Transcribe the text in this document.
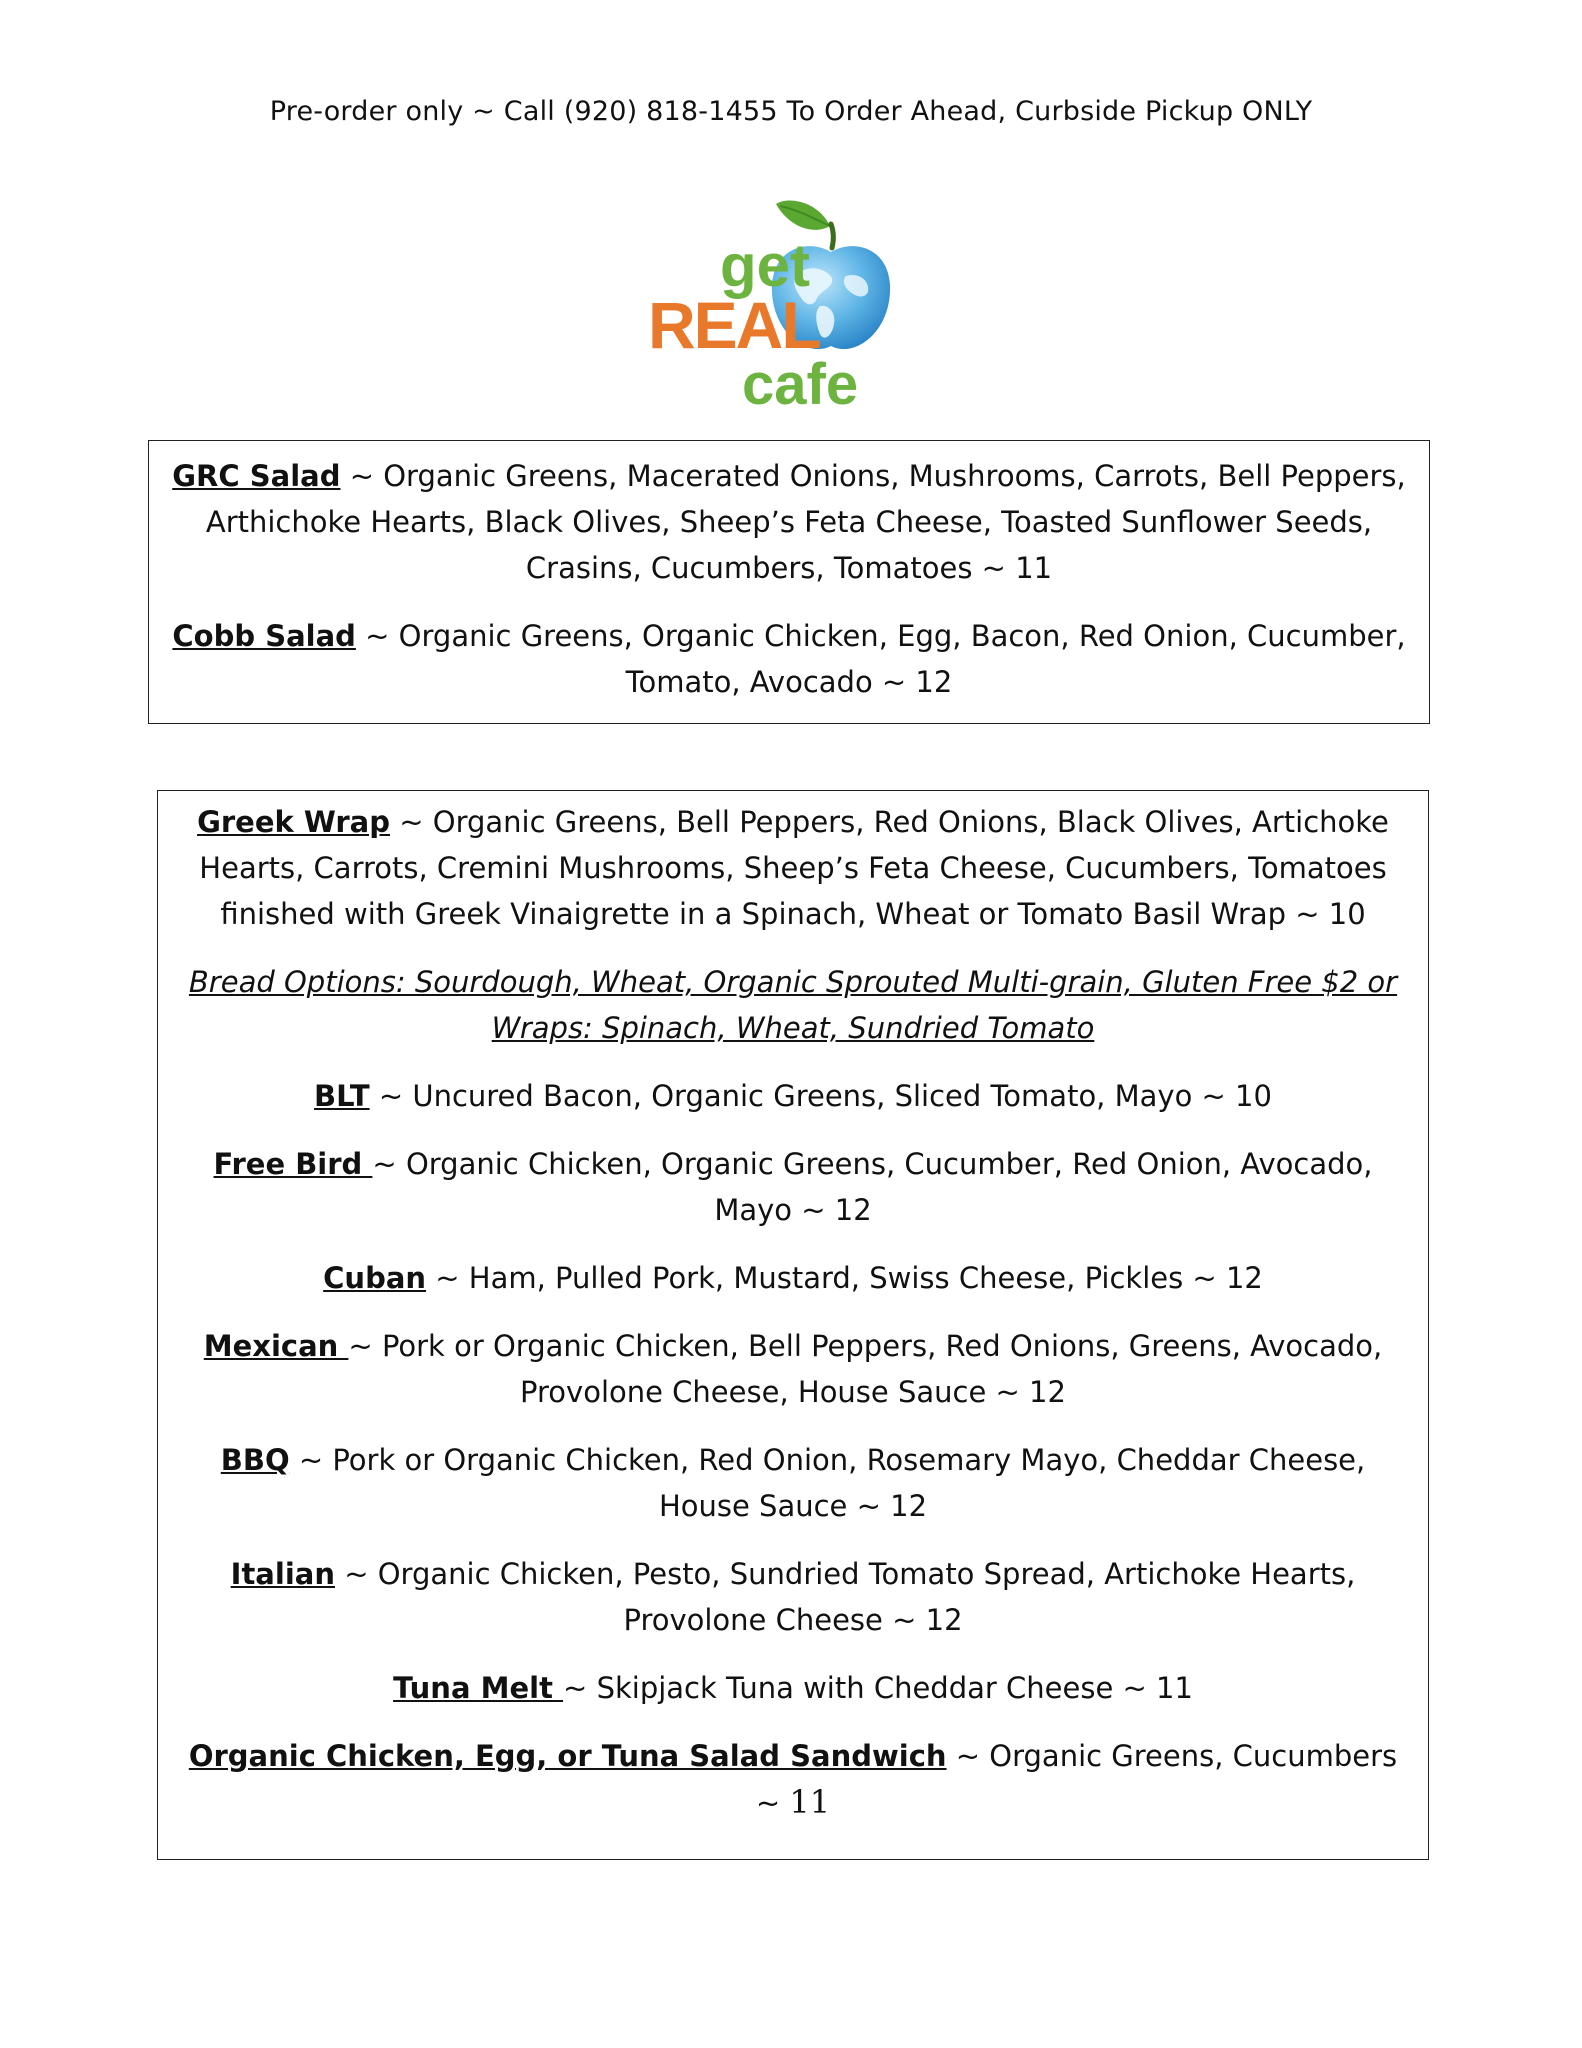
Pre-order only ~ Call (920) 818-1455 To Order Ahead, Curbside Pickup ONLY
get
REAL
cafe

GRC Salad ~ Organic Greens, Macerated Onions, Mushrooms, Carrots, Bell Peppers, Arthichoke Hearts, Black Olives, Sheep’s Feta Cheese, Toasted Sunflower Seeds, Crasins, Cucumbers, Tomatoes ~ 11

Cobb Salad ~ Organic Greens, Organic Chicken, Egg, Bacon, Red Onion, Cucumber, Tomato, Avocado ~ 12

Greek Wrap ~ Organic Greens, Bell Peppers, Red Onions, Black Olives, Artichoke Hearts, Carrots, Cremini Mushrooms, Sheep’s Feta Cheese, Cucumbers, Tomatoes finished with Greek Vinaigrette in a Spinach, Wheat or Tomato Basil Wrap ~ 10

Bread Options: Sourdough, Wheat, Organic Sprouted Multi-grain, Gluten Free $2 or
Wraps: Spinach, Wheat, Sundried Tomato

BLT ~ Uncured Bacon, Organic Greens, Sliced Tomato, Mayo ~ 10

Free Bird ~ Organic Chicken, Organic Greens, Cucumber, Red Onion, Avocado, Mayo ~ 12

Cuban ~ Ham, Pulled Pork, Mustard, Swiss Cheese, Pickles ~ 12

Mexican ~ Pork or Organic Chicken, Bell Peppers, Red Onions, Greens, Avocado, Provolone Cheese, House Sauce ~ 12

BBQ ~ Pork or Organic Chicken, Red Onion, Rosemary Mayo, Cheddar Cheese, House Sauce ~ 12

Italian ~ Organic Chicken, Pesto, Sundried Tomato Spread, Artichoke Hearts, Provolone Cheese ~ 12

Tuna Melt ~ Skipjack Tuna with Cheddar Cheese ~ 11

Organic Chicken, Egg, or Tuna Salad Sandwich ~ Organic Greens, Cucumbers ~ 11
